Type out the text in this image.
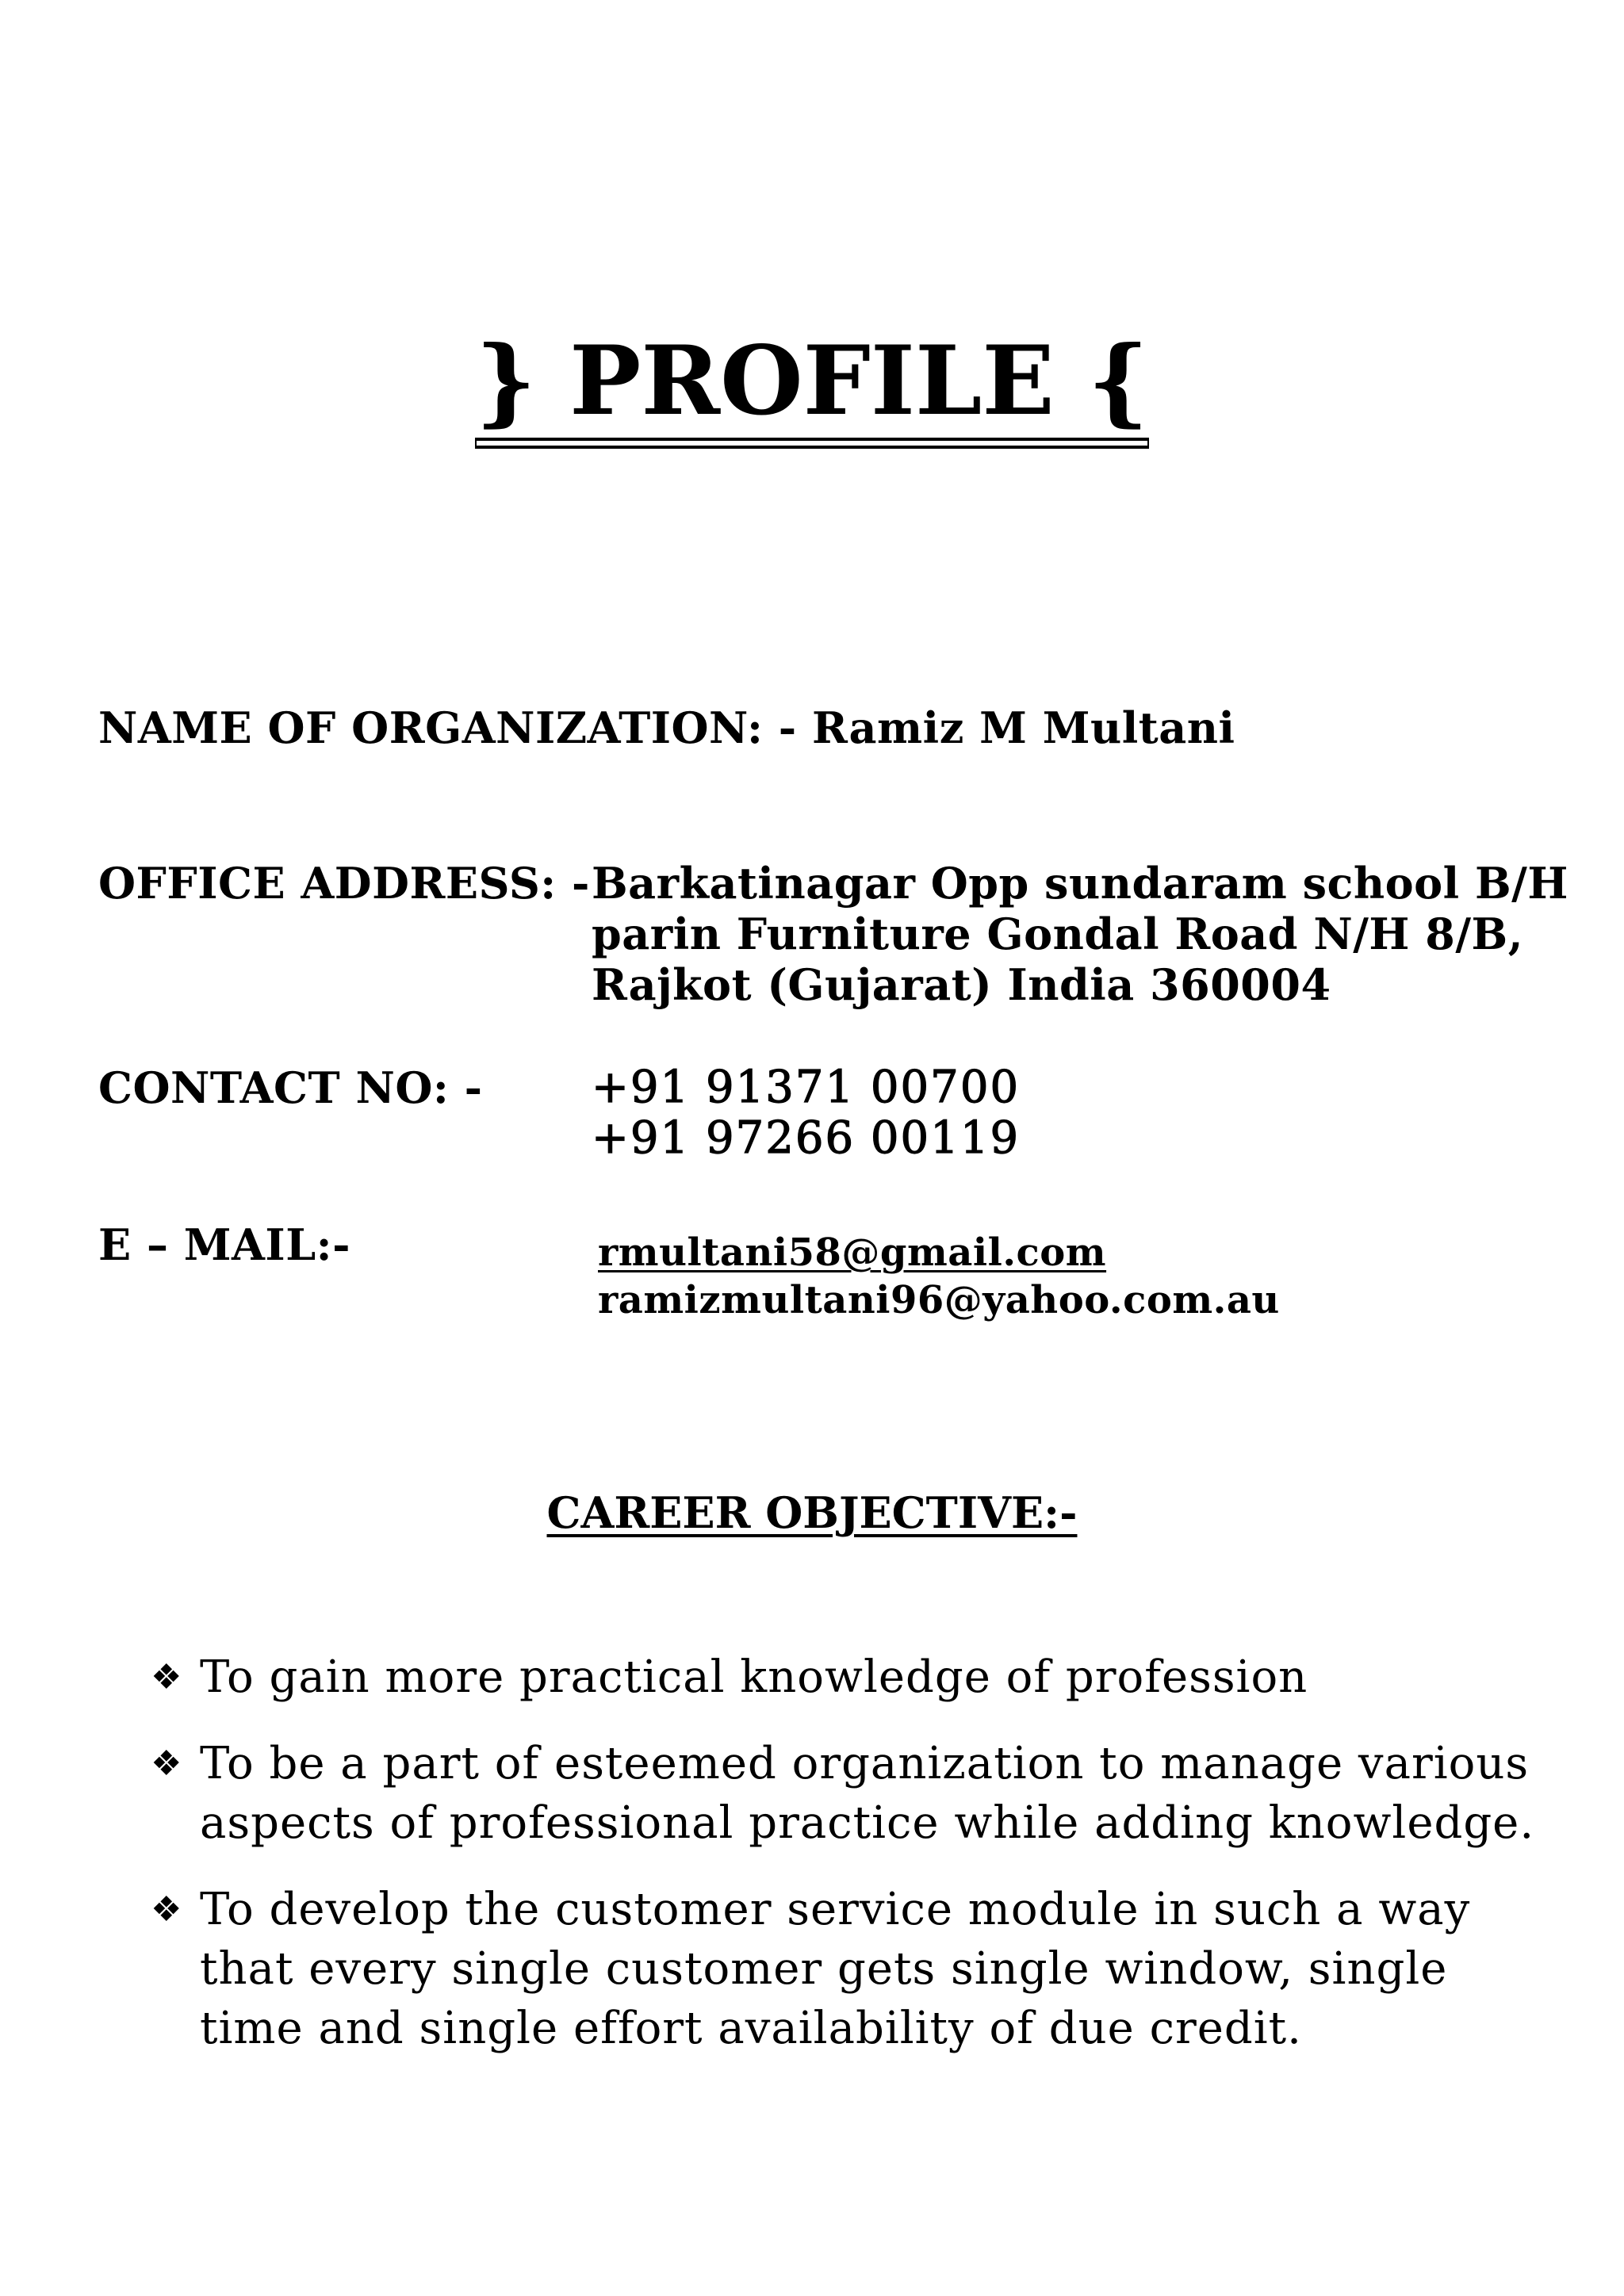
} PROFILE {
NAME OF ORGANIZATION: - Ramiz M Multani
OFFICE ADDRESS: - Barkatinagar Opp sundaram school B/H
parin Furniture Gondal Road N/H 8/B,
Rajkot (Gujarat) India 360004
CONTACT NO: - +91 91371 00700
+91 97266 00119
E – MAIL:-	rmultani58@gmail.com
ramizmultani96@yahoo.com.au
CAREER OBJECTIVE:-
❖ To gain more practical knowledge of profession
❖ To be a part of esteemed organization to manage various aspects of professional practice while adding knowledge.
❖ To develop the customer service module in such a way that every single customer gets single window, single time and single effort availability of due credit.
